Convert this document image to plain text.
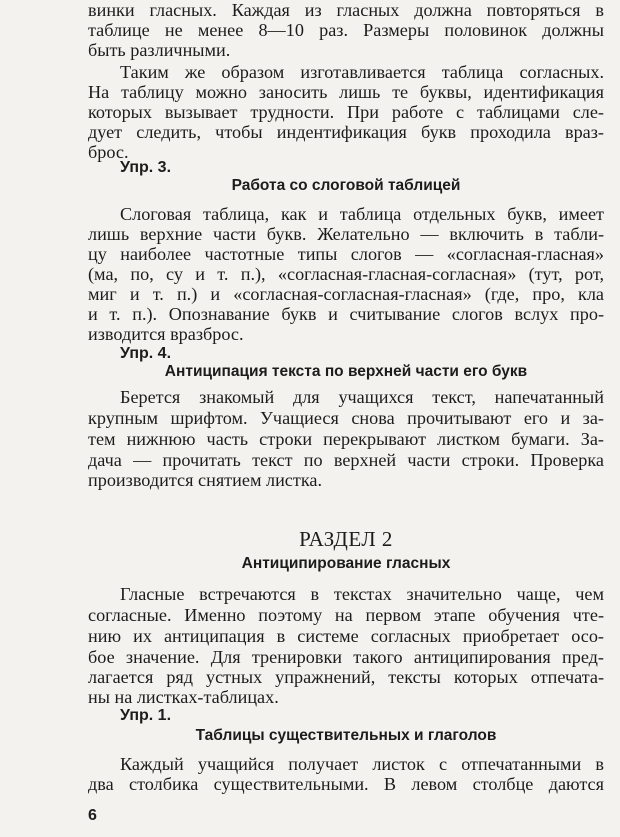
винки гласных. Каждая из гласных должна повторяться в
таблице не менее 8—10 раз. Размеры половинок должны
быть различными.
Таким же образом изготавливается таблица согласных.
На таблицу можно заносить лишь те буквы, идентификация
которых вызывает трудности. При работе с таблицами сле-
дует следить, чтобы индентификация букв проходила враз-
брос.
Упр. 3.
Работа со слоговой таблицей
Слоговая таблица, как и таблица отдельных букв, имеет
лишь верхние части букв. Желательно — включить в табли-
цу наиболее частотные типы слогов — «согласная-гласная»
(ма, по, су и т. п.), «согласная-гласная-согласная» (тут, рот,
миг и т. п.) и «согласная-согласная-гласная» (где, про, кла
и т. п.). Опознавание букв и считывание слогов вслух про-
изводится вразброс.
Упр. 4.
Антиципация текста по верхней части его букв
Берется знакомый для учащихся текст, напечатанный
крупным шрифтом. Учащиеся снова прочитывают его и за-
тем нижнюю часть строки перекрывают листком бумаги. За-
дача — прочитать текст по верхней части строки. Проверка
производится снятием листка.
РАЗДЕЛ 2
Антиципирование гласных
Гласные встречаются в текстах значительно чаще, чем
согласные. Именно поэтому на первом этапе обучения чте-
нию их антиципация в системе согласных приобретает осо-
бое значение. Для тренировки такого антиципирования пред-
лагается ряд устных упражнений, тексты которых отпечата-
ны на листках-таблицах.
Упр. 1.
Таблицы существительных и глаголов
Каждый учащийся получает листок с отпечатанными в
два столбика существительными. В левом столбце даются
6
